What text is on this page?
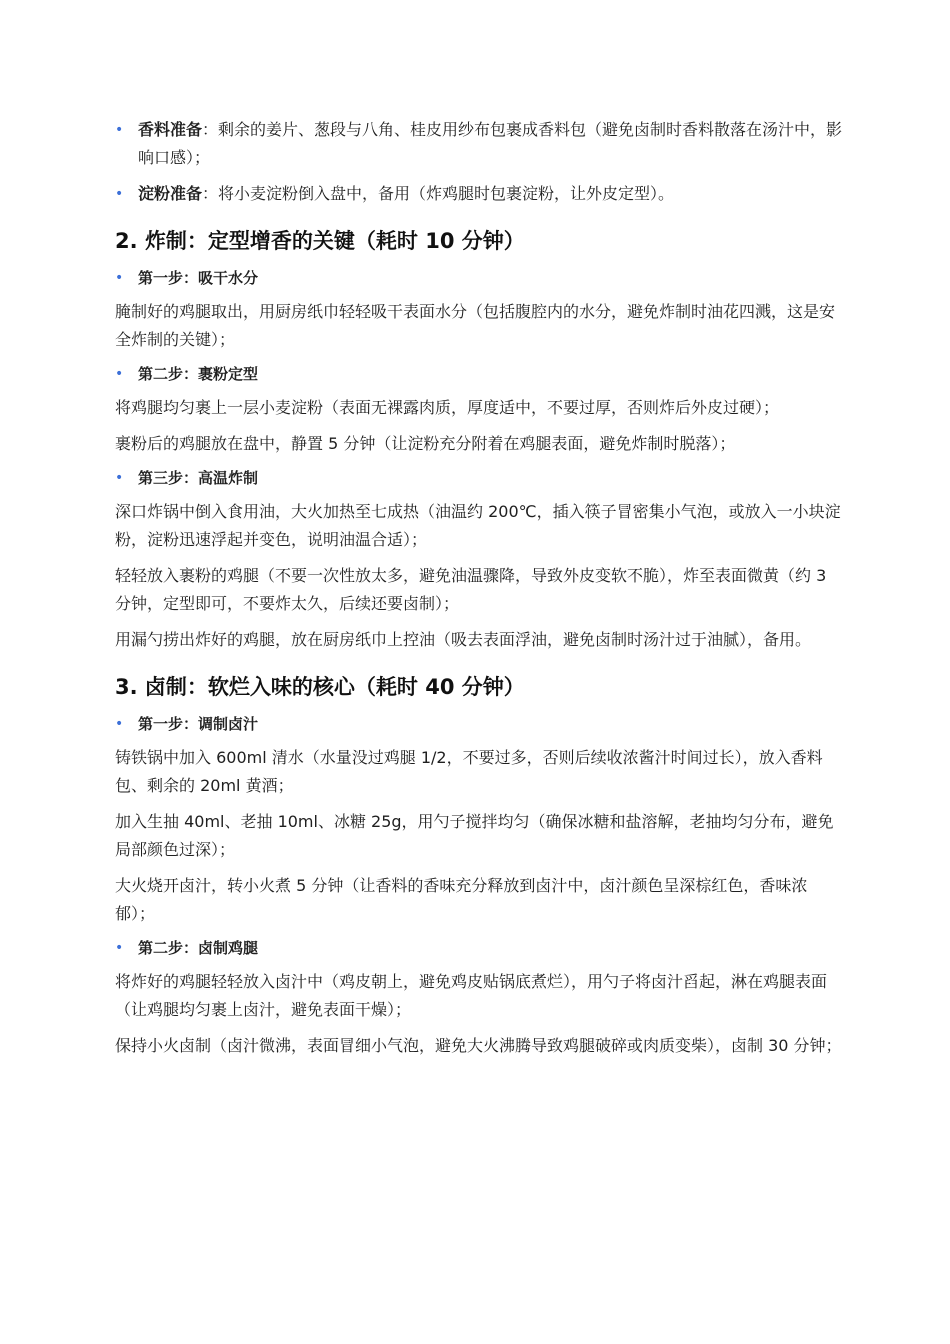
• 香料准备：剩余的姜片、葱段与八角、桂皮用纱布包裹成香料包（避免卤制时香料散落在汤汁中，影响口感）；

• 淀粉准备：将小麦淀粉倒入盘中，备用（炸鸡腿时包裹淀粉，让外皮定型）。

2. 炸制：定型增香的关键（耗时 10 分钟）

• 第一步：吸干水分

腌制好的鸡腿取出，用厨房纸巾轻轻吸干表面水分（包括腹腔内的水分，避免炸制时油花四溅，这是安全炸制的关键）；

• 第二步：裹粉定型

将鸡腿均匀裹上一层小麦淀粉（表面无裸露肉质，厚度适中，不要过厚，否则炸后外皮过硬）；

裹粉后的鸡腿放在盘中，静置 5 分钟（让淀粉充分附着在鸡腿表面，避免炸制时脱落）；

• 第三步：高温炸制

深口炸锅中倒入食用油，大火加热至七成热（油温约 200℃，插入筷子冒密集小气泡，或放入一小块淀粉，淀粉迅速浮起并变色，说明油温合适）；

轻轻放入裹粉的鸡腿（不要一次性放太多，避免油温骤降，导致外皮变软不脆），炸至表面微黄（约 3 分钟，定型即可，不要炸太久，后续还要卤制）；

用漏勺捞出炸好的鸡腿，放在厨房纸巾上控油（吸去表面浮油，避免卤制时汤汁过于油腻），备用。

3. 卤制：软烂入味的核心（耗时 40 分钟）

• 第一步：调制卤汁

铸铁锅中加入 600ml 清水（水量没过鸡腿 1/2，不要过多，否则后续收浓酱汁时间过长），放入香料包、剩余的 20ml 黄酒；

加入生抽 40ml、老抽 10ml、冰糖 25g，用勺子搅拌均匀（确保冰糖和盐溶解，老抽均匀分布，避免局部颜色过深）；

大火烧开卤汁，转小火煮 5 分钟（让香料的香味充分释放到卤汁中，卤汁颜色呈深棕红色，香味浓郁）；

• 第二步：卤制鸡腿

将炸好的鸡腿轻轻放入卤汁中（鸡皮朝上，避免鸡皮贴锅底煮烂），用勺子将卤汁舀起，淋在鸡腿表面（让鸡腿均匀裹上卤汁，避免表面干燥）；

保持小火卤制（卤汁微沸，表面冒细小气泡，避免大火沸腾导致鸡腿破碎或肉质变柴），卤制 30 分钟；
